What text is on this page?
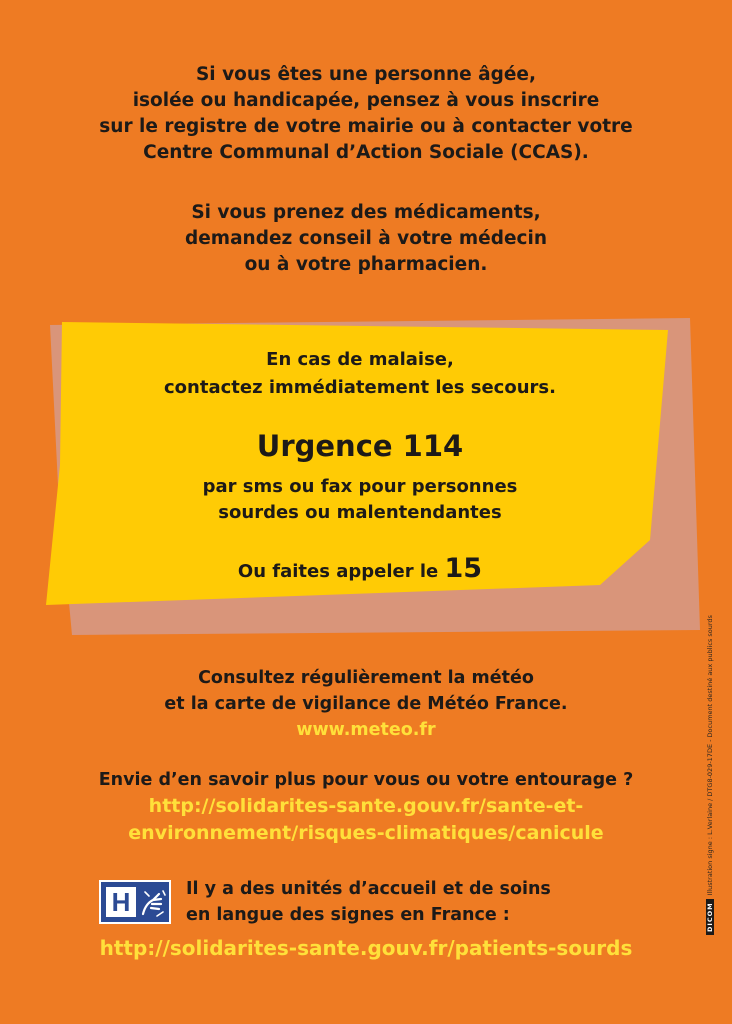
Si vous êtes une personne âgée,
isolée ou handicapée, pensez à vous inscrire
sur le registre de votre mairie ou à contacter votre
Centre Communal d’Action Sociale (CCAS).
Si vous prenez des médicaments,
demandez conseil à votre médecin
ou à votre pharmacien.
En cas de malaise,
contactez immédiatement les secours.
Urgence 114
par sms ou fax pour personnes
sourdes ou malentendantes
Ou faites appeler le 15
Consultez régulièrement la météo
et la carte de vigilance de Météo France.
www.meteo.fr
Envie d’en savoir plus pour vous ou votre entourage ?
http://solidarites-sante.gouv.fr/sante-et-
environnement/risques-climatiques/canicule
H	Il y a des unités d’accueil et de soins
en langue des signes en France :
http://solidarites-sante.gouv.fr/patients-sourds
DICOMIllustration signe : L.Verlaine / DTG8-029-17DE - Document destiné aux publics sourds
